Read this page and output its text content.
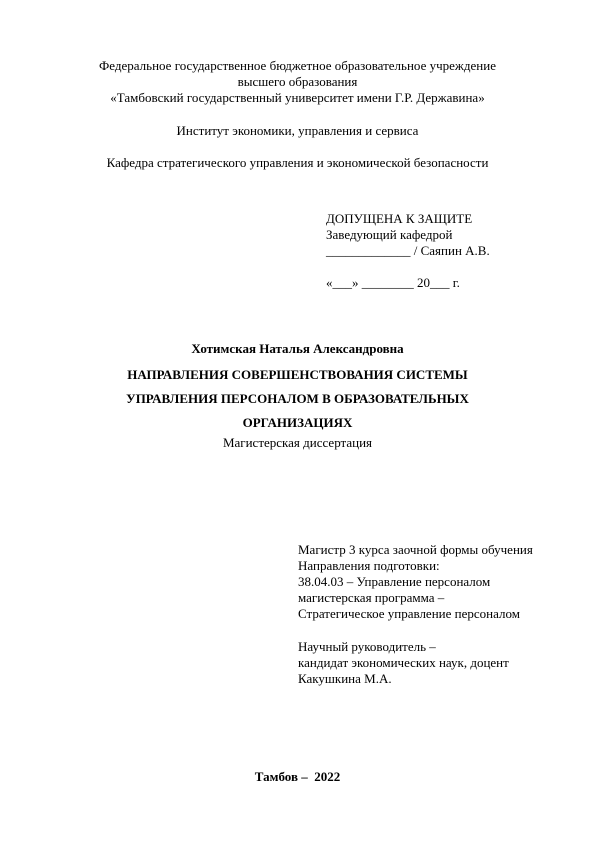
Федеральное государственное бюджетное образовательное учреждение
высшего образования
«Тамбовский государственный университет имени Г.Р. Державина»
Институт экономики, управления и сервиса
Кафедра стратегического управления и экономической безопасности
ДОПУЩЕНА К ЗАЩИТЕ
Заведующий кафедрой
_____________ / Саяпин А.В.
«___» ________ 20___ г.
Хотимская Наталья Александровна
НАПРАВЛЕНИЯ СОВЕРШЕНСТВОВАНИЯ СИСТЕМЫ
УПРАВЛЕНИЯ ПЕРСОНАЛОМ В ОБРАЗОВАТЕЛЬНЫХ
ОРГАНИЗАЦИЯХ
Магистерская диссертация
Магистр 3 курса заочной формы обучения
Направления подготовки:
38.04.03 – Управление персоналом
магистерская программа –
Стратегическое управление персоналом
Научный руководитель –
кандидат экономических наук, доцент
Какушкина М.А.
Тамбов –  2022
